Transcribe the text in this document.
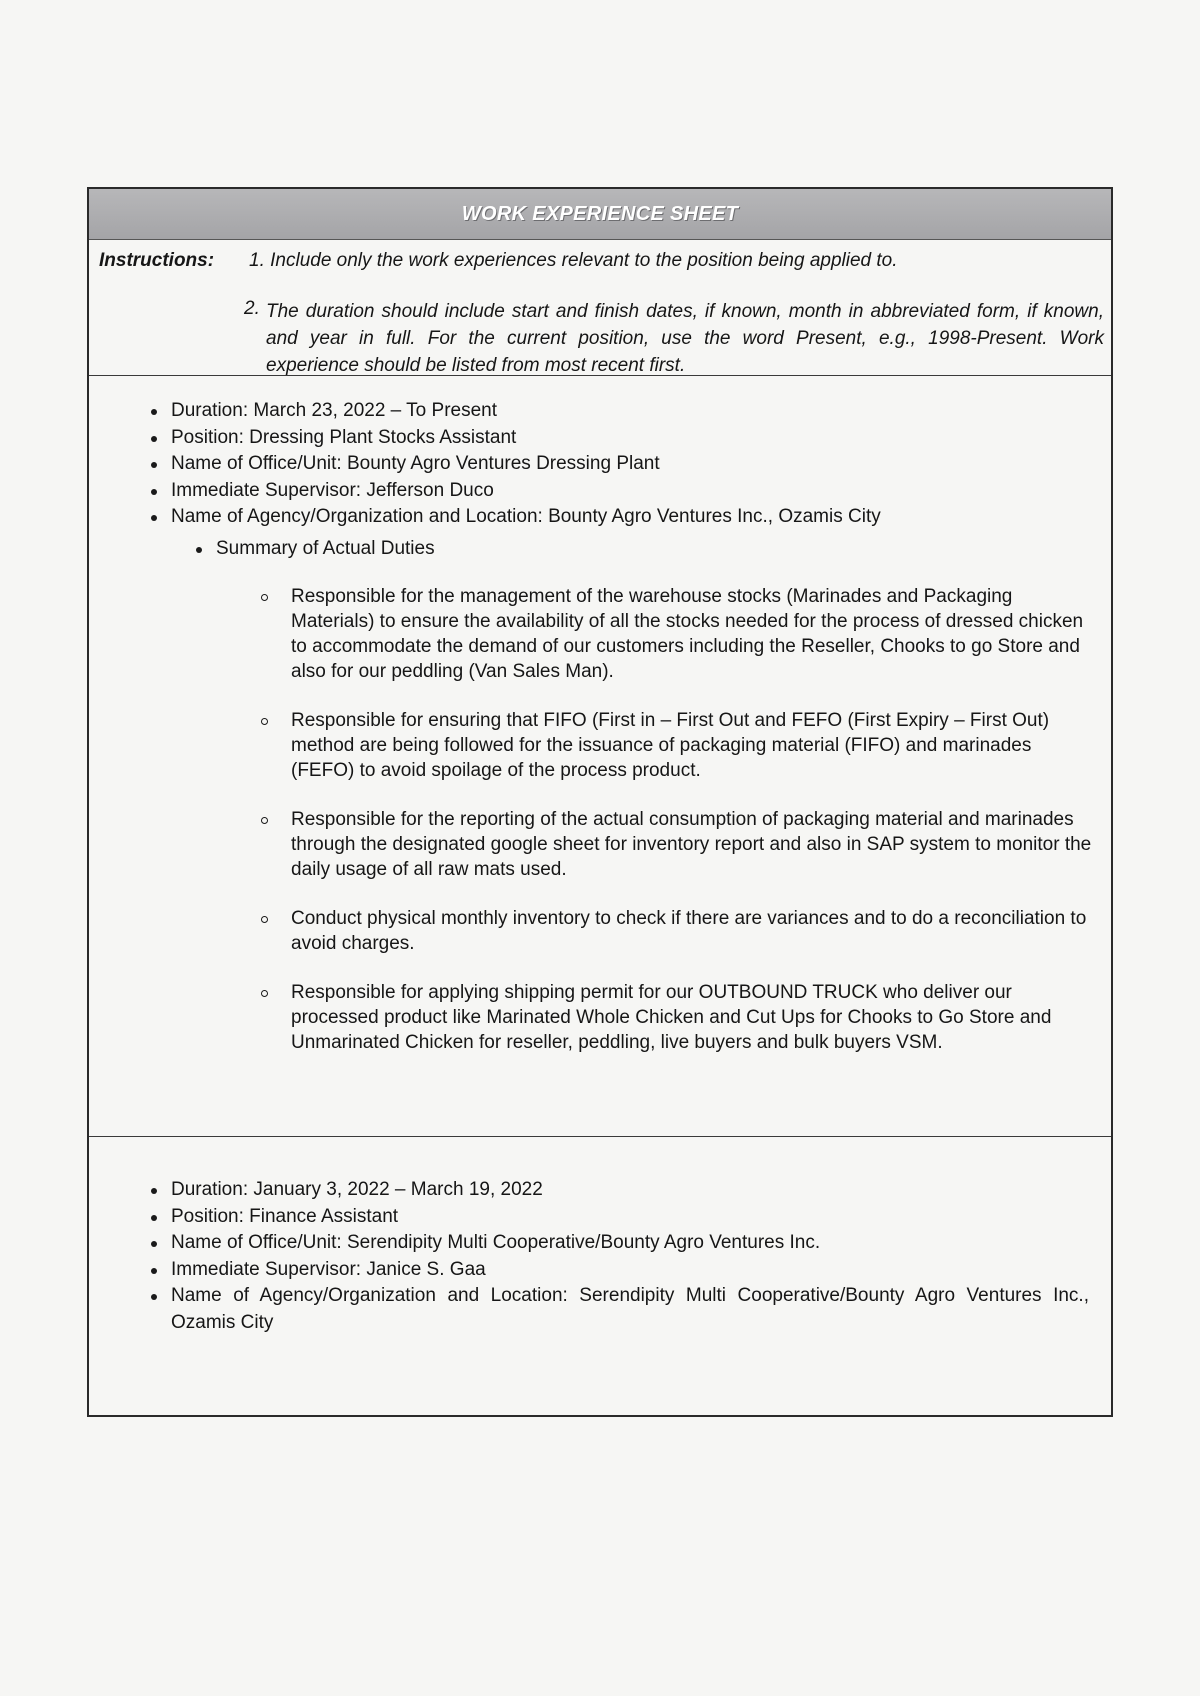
WORK EXPERIENCE SHEET
Instructions: 1. Include only the work experiences relevant to the position being applied to.
2. The duration should include start and finish dates, if known, month in abbreviated form, if known, and year in full. For the current position, use the word Present, e.g., 1998-Present. Work experience should be listed from most recent first.
Duration: March 23, 2022 – To Present
Position: Dressing Plant Stocks Assistant
Name of Office/Unit: Bounty Agro Ventures Dressing Plant
Immediate Supervisor: Jefferson Duco
Name of Agency/Organization and Location: Bounty Agro Ventures Inc., Ozamis City
Summary of Actual Duties
Responsible for the management of the warehouse stocks (Marinades and Packaging Materials) to ensure the availability of all the stocks needed for the process of dressed chicken to accommodate the demand of our customers including the Reseller, Chooks to go Store and also for our peddling (Van Sales Man).
Responsible for ensuring that FIFO (First in – First Out and FEFO (First Expiry – First Out) method are being followed for the issuance of packaging material (FIFO) and marinades (FEFO) to avoid spoilage of the process product.
Responsible for the reporting of the actual consumption of packaging material and marinades through the designated google sheet for inventory report and also in SAP system to monitor the daily usage of all raw mats used.
Conduct physical monthly inventory to check if there are variances and to do a reconciliation to avoid charges.
Responsible for applying shipping permit for our OUTBOUND TRUCK who deliver our processed product like Marinated Whole Chicken and Cut Ups for Chooks to Go Store and Unmarinated Chicken for reseller, peddling, live buyers and bulk buyers VSM.
Duration: January 3, 2022 – March 19, 2022
Position: Finance Assistant
Name of Office/Unit: Serendipity Multi Cooperative/Bounty Agro Ventures Inc.
Immediate Supervisor: Janice S. Gaa
Name of Agency/Organization and Location: Serendipity Multi Cooperative/Bounty Agro Ventures Inc., Ozamis City
